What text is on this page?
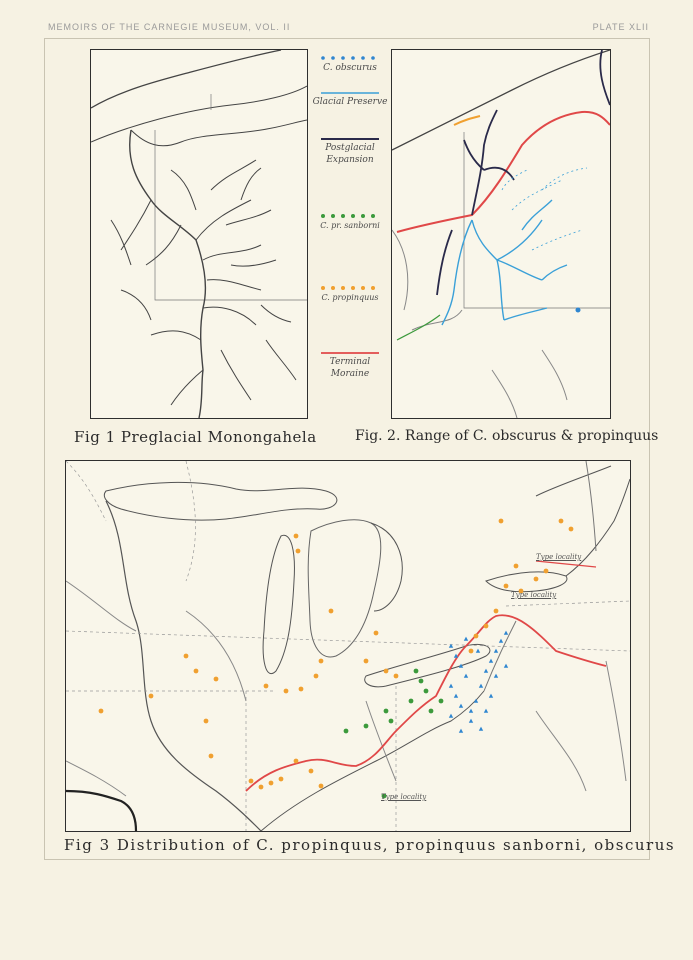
MEMOIRS OF THE CARNEGIE MUSEUM, VOL. II	PLATE XLII
C. obscurus
Glacial Preserve
Postglacial Expansion
C. pr. sanborni
C. propinquus
Terminal Moraine
Fig 1 Preglacial Monongahela	Fig. 2. Range of C. obscurus & propinquus
Type locality
Type locality
Type locality
Fig 3 Distribution of C. propinquus, propinquus sanborni, obscurus
